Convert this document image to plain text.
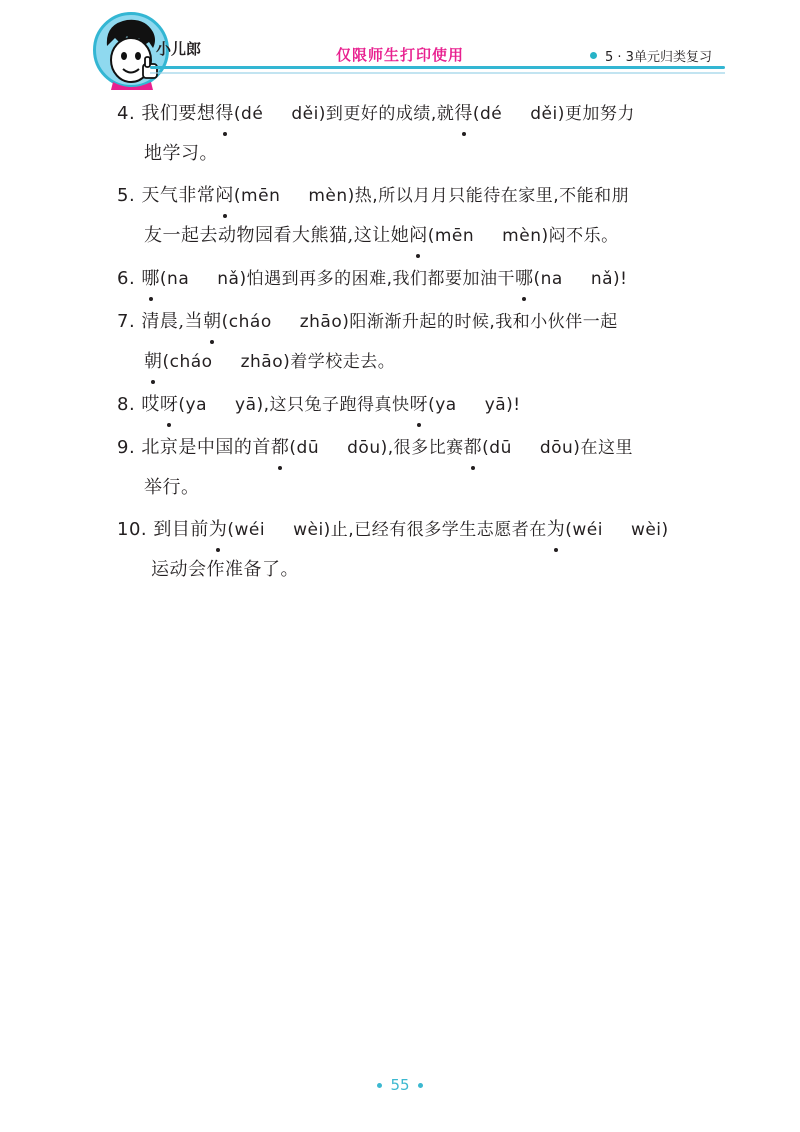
小儿郎	仅限师生打印使用	5 · 3单元归类复习
4. 我们要想得(dé děi)到更好的成绩,就得(dé děi)更加努力
地学习。
5. 天气非常闷(mēn mèn)热,所以月月只能待在家里,不能和朋
友一起去动物园看大熊猫,这让她闷(mēn mèn)闷不乐。
6. 哪(na nǎ)怕遇到再多的困难,我们都要加油干哪(na nǎ)!
7. 清晨,当朝(cháo zhāo)阳渐渐升起的时候,我和小伙伴一起
朝(cháo zhāo)着学校走去。
8. 哎呀(ya yā),这只兔子跑得真快呀(ya yā)!
9. 北京是中国的首都(dū dōu),很多比赛都(dū dōu)在这里
举行。
10. 到目前为(wéi wèi)止,已经有很多学生志愿者在为(wéi wèi)
运动会作准备了。
55
